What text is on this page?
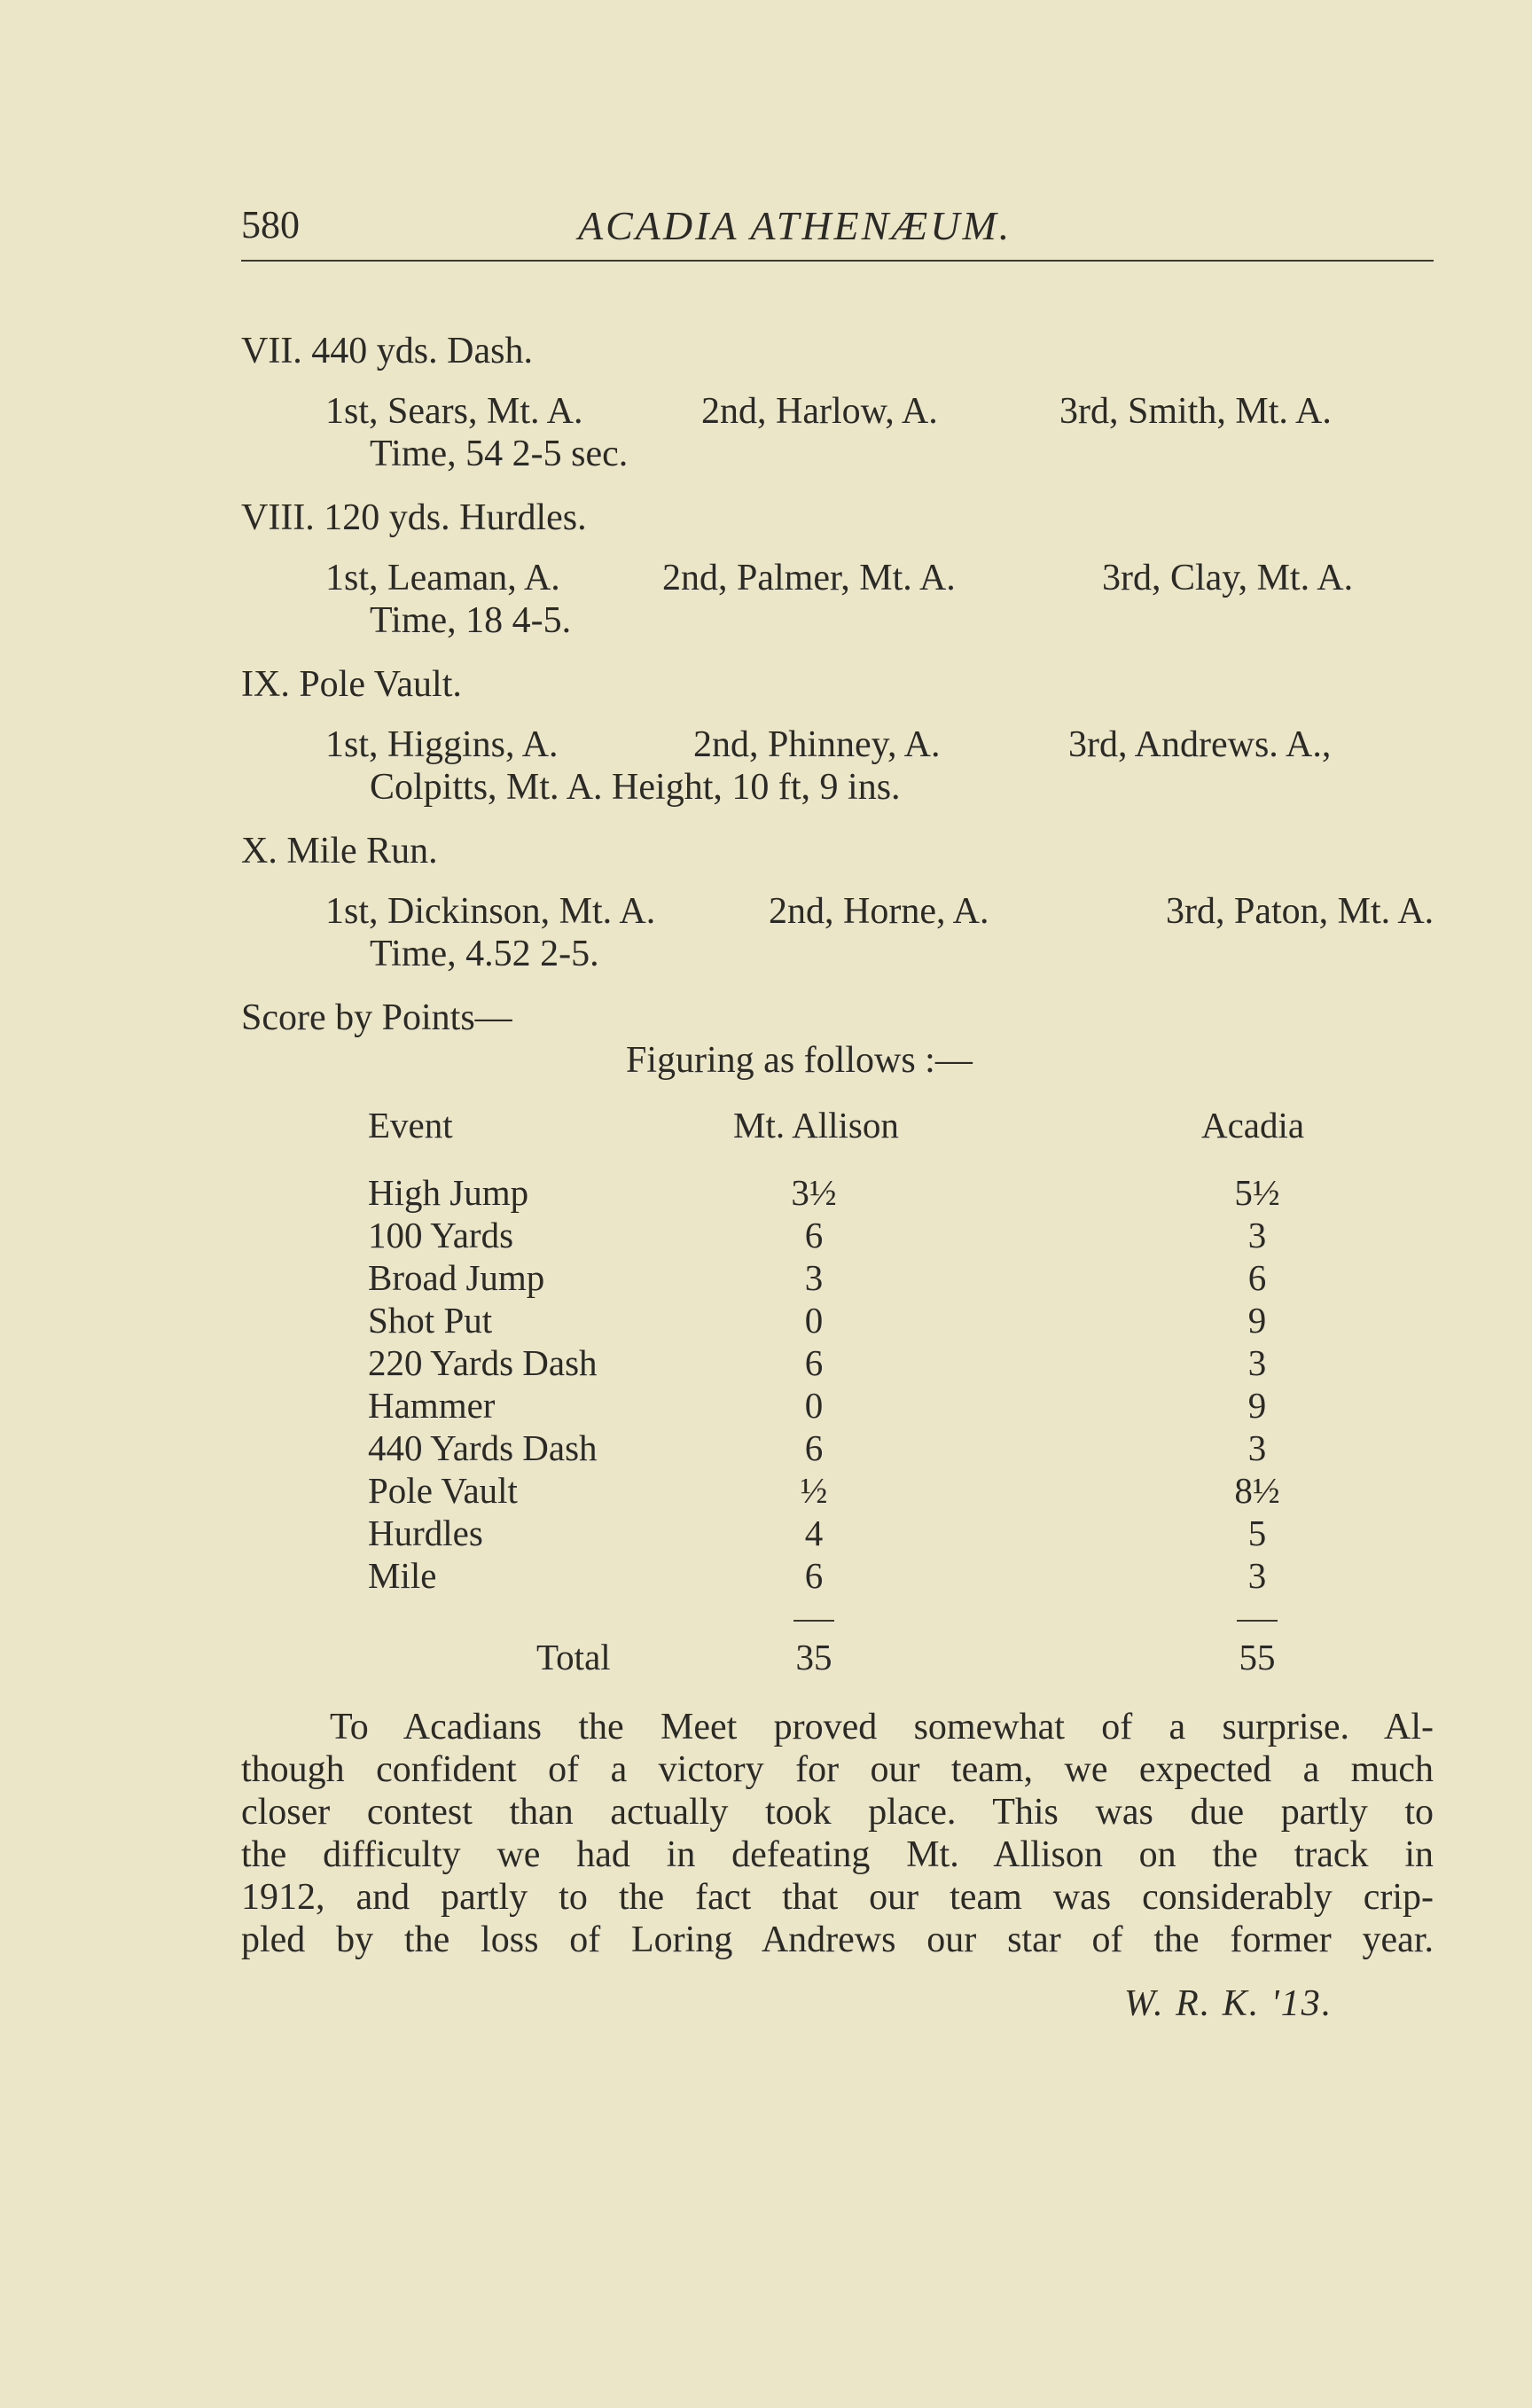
580	ACADIA ATHENÆUM.
VII. 440 yds. Dash.
1st, Sears, Mt. A.	2nd, Harlow, A.	3rd, Smith, Mt. A.
Time, 54 2-5 sec.
VIII. 120 yds. Hurdles.
1st, Leaman, A.	2nd, Palmer, Mt. A.	3rd, Clay, Mt. A.
Time, 18 4-5.
IX. Pole Vault.
1st, Higgins, A.	2nd, Phinney, A.	3rd, Andrews. A.,
Colpitts, Mt. A. Height, 10 ft, 9 ins.
X. Mile Run.
1st, Dickinson, Mt. A.	2nd, Horne, A.	3rd, Paton, Mt. A.
Time, 4.52 2-5.
Score by Points—
Figuring as follows :—
Event	Mt. Allison	Acadia
High Jump	3½	5½
100 Yards	6	3
Broad Jump	3	6
Shot Put	0	9
220 Yards Dash	6	3
Hammer	0	9
440 Yards Dash	6	3
Pole Vault	½	8½
Hurdles	4	5
Mile	6	3
Total	35	55
To Acadians the Meet proved somewhat of a surprise. Al-
though confident of a victory for our team, we expected a much
closer contest than actually took place. This was due partly to
the difficulty we had in defeating Mt. Allison on the track in
1912, and partly to the fact that our team was considerably crip-
pled by the loss of Loring Andrews our star of the former year.
W. R. K. '13.
